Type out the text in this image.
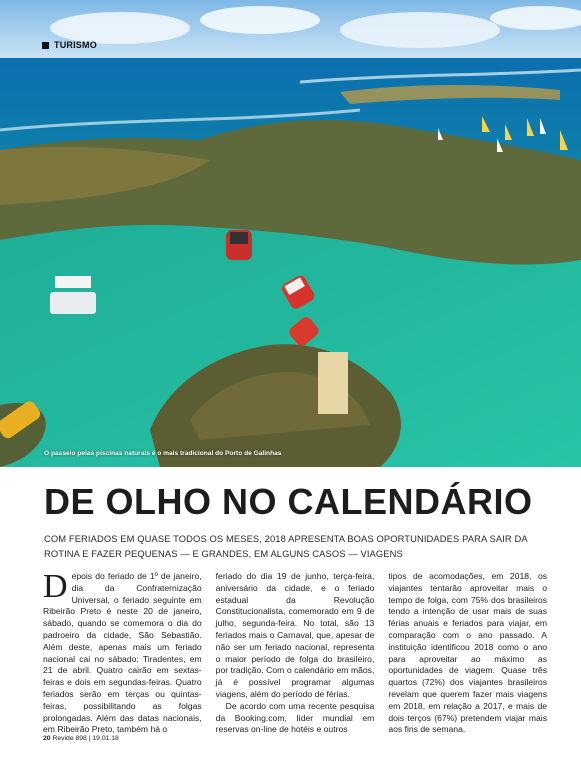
TURISMO
O passeio pelas piscinas naturais é o mais tradicional do Porto de Galinhas
DE OLHO NO CALENDÁRIO
COM FERIADOS EM QUASE TODOS OS MESES, 2018 APRESENTA BOAS OPORTUNIDADES PARA SAIR DA ROTINA E FAZER PEQUENAS — E GRANDES, EM ALGUNS CASOS — VIAGENS
Depois do feriado de 1º de janeiro, dia da Confraternização Universal, o feriado seguinte em Ribeirão Preto é neste 20 de janeiro, sábado, quando se comemora o dia do padroeiro da cidade, São Sebastião. Além deste, apenas mais um feriado nacional cai no sábado: Tiradentes, em 21 de abril. Quatro cairão em sextas-feiras e dois em segundas-feiras. Quatro feriados serão em terças ou quintas-feiras, possibilitando as folgas prolongadas. Além das datas nacionais, em Ribeirão Preto, também há o
feriado do dia 19 de junho, terça-feira, aniversário da cidade, e o feriado estadual da Revolução Constitucionalista, comemorado em 9 de julho, segunda-feira. No total, são 13 feriados mais o Carnaval, que, apesar de não ser um feriado nacional, representa o maior período de folga do brasileiro, por tradição. Com o calendário em mãos, já é possível programar algumas viagens, além do período de férias.
De acordo com uma recente pesquisa da Booking.com, líder mundial em reservas on-line de hotéis e outros
tipos de acomodações, em 2018, os viajantes tentarão aproveitar mais o tempo de folga, com 75% dos brasileiros tendo a intenção de usar mais de suas férias anuais e feriados para viajar, em comparação com o ano passado. A instituição identificou 2018 como o ano para aproveitar ao máximo as oportunidades de viagem. Quase três quartos (72%) dos viajantes brasileiros revelam que querem fazer mais viagens em 2018, em relação a 2017, e mais de dois terços (67%) pretendem viajar mais aos fins de semana.
20 Revide 898 | 19.01.18
